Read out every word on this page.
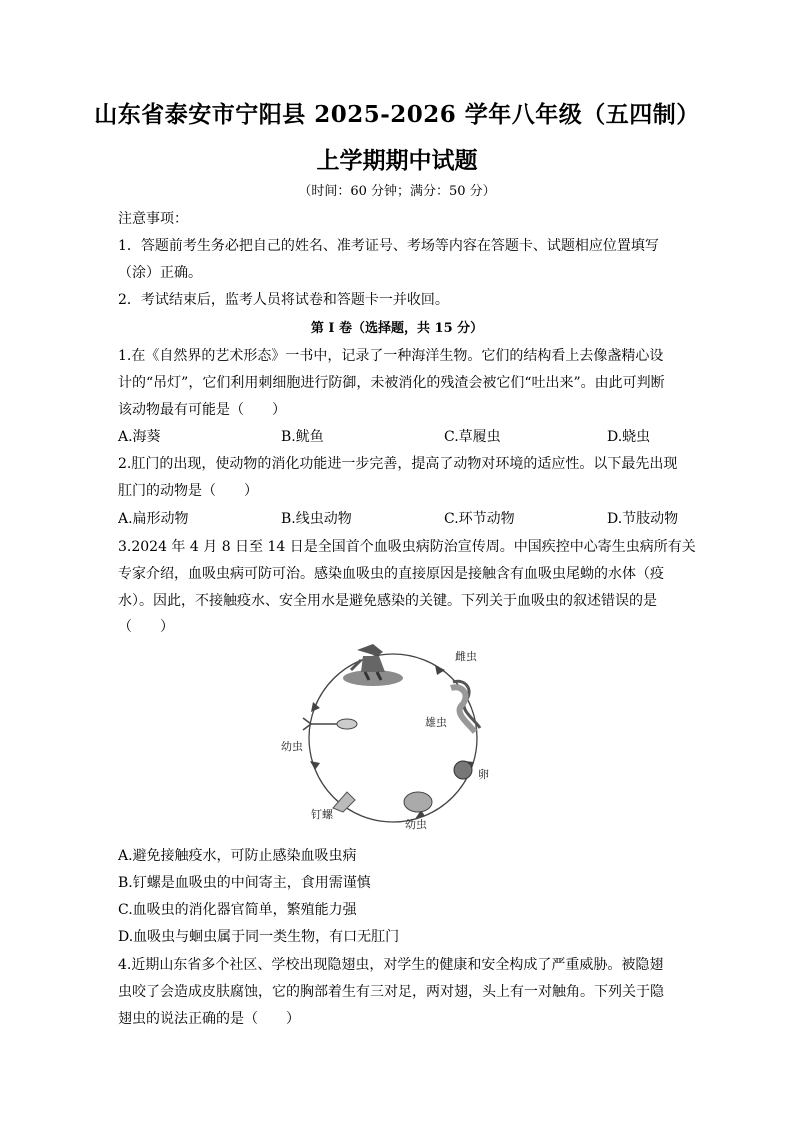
山东省泰安市宁阳县 2025-2026 学年八年级（五四制）
上学期期中试题
（时间：60 分钟；满分：50 分）
注意事项：
1．答题前考生务必把自己的姓名、准考证号、考场等内容在答题卡、试题相应位置填写
（涂）正确。
2．考试结束后，监考人员将试卷和答题卡一并收回。
第 I 卷（选择题，共 15 分）
1.在《自然界的艺术形态》一书中，记录了一种海洋生物。它们的结构看上去像盏精心设
计的“吊灯”，它们利用刺细胞进行防御，未被消化的残渣会被它们“吐出来”。由此可判断
该动物最有可能是（　　）
A.海葵	B.鱿鱼	C.草履虫	D.蛲虫
2.肛门的出现，使动物的消化功能进一步完善，提高了动物对环境的适应性。以下最先出现
肛门的动物是（　　）
A.扁形动物	B.线虫动物	C.环节动物	D.节肢动物
3.2024 年 4 月 8 日至 14 日是全国首个血吸虫病防治宣传周。中国疾控中心寄生虫病所有关
专家介绍，血吸虫病可防可治。感染血吸虫的直接原因是接触含有血吸虫尾蚴的水体（疫
水）。因此，不接触疫水、安全用水是避免感染的关键。下列关于血吸虫的叙述错误的是
（　　）
雌虫
雄虫
卵
幼虫
钉螺
幼虫
A.避免接触疫水，可防止感染血吸虫病
B.钉螺是血吸虫的中间寄主，食用需谨慎
C.血吸虫的消化器官简单，繁殖能力强
D.血吸虫与蛔虫属于同一类生物，有口无肛门
4.近期山东省多个社区、学校出现隐翅虫，对学生的健康和安全构成了严重威胁。被隐翅
虫咬了会造成皮肤腐蚀，它的胸部着生有三对足，两对翅，头上有一对触角。下列关于隐
翅虫的说法正确的是（　　）
